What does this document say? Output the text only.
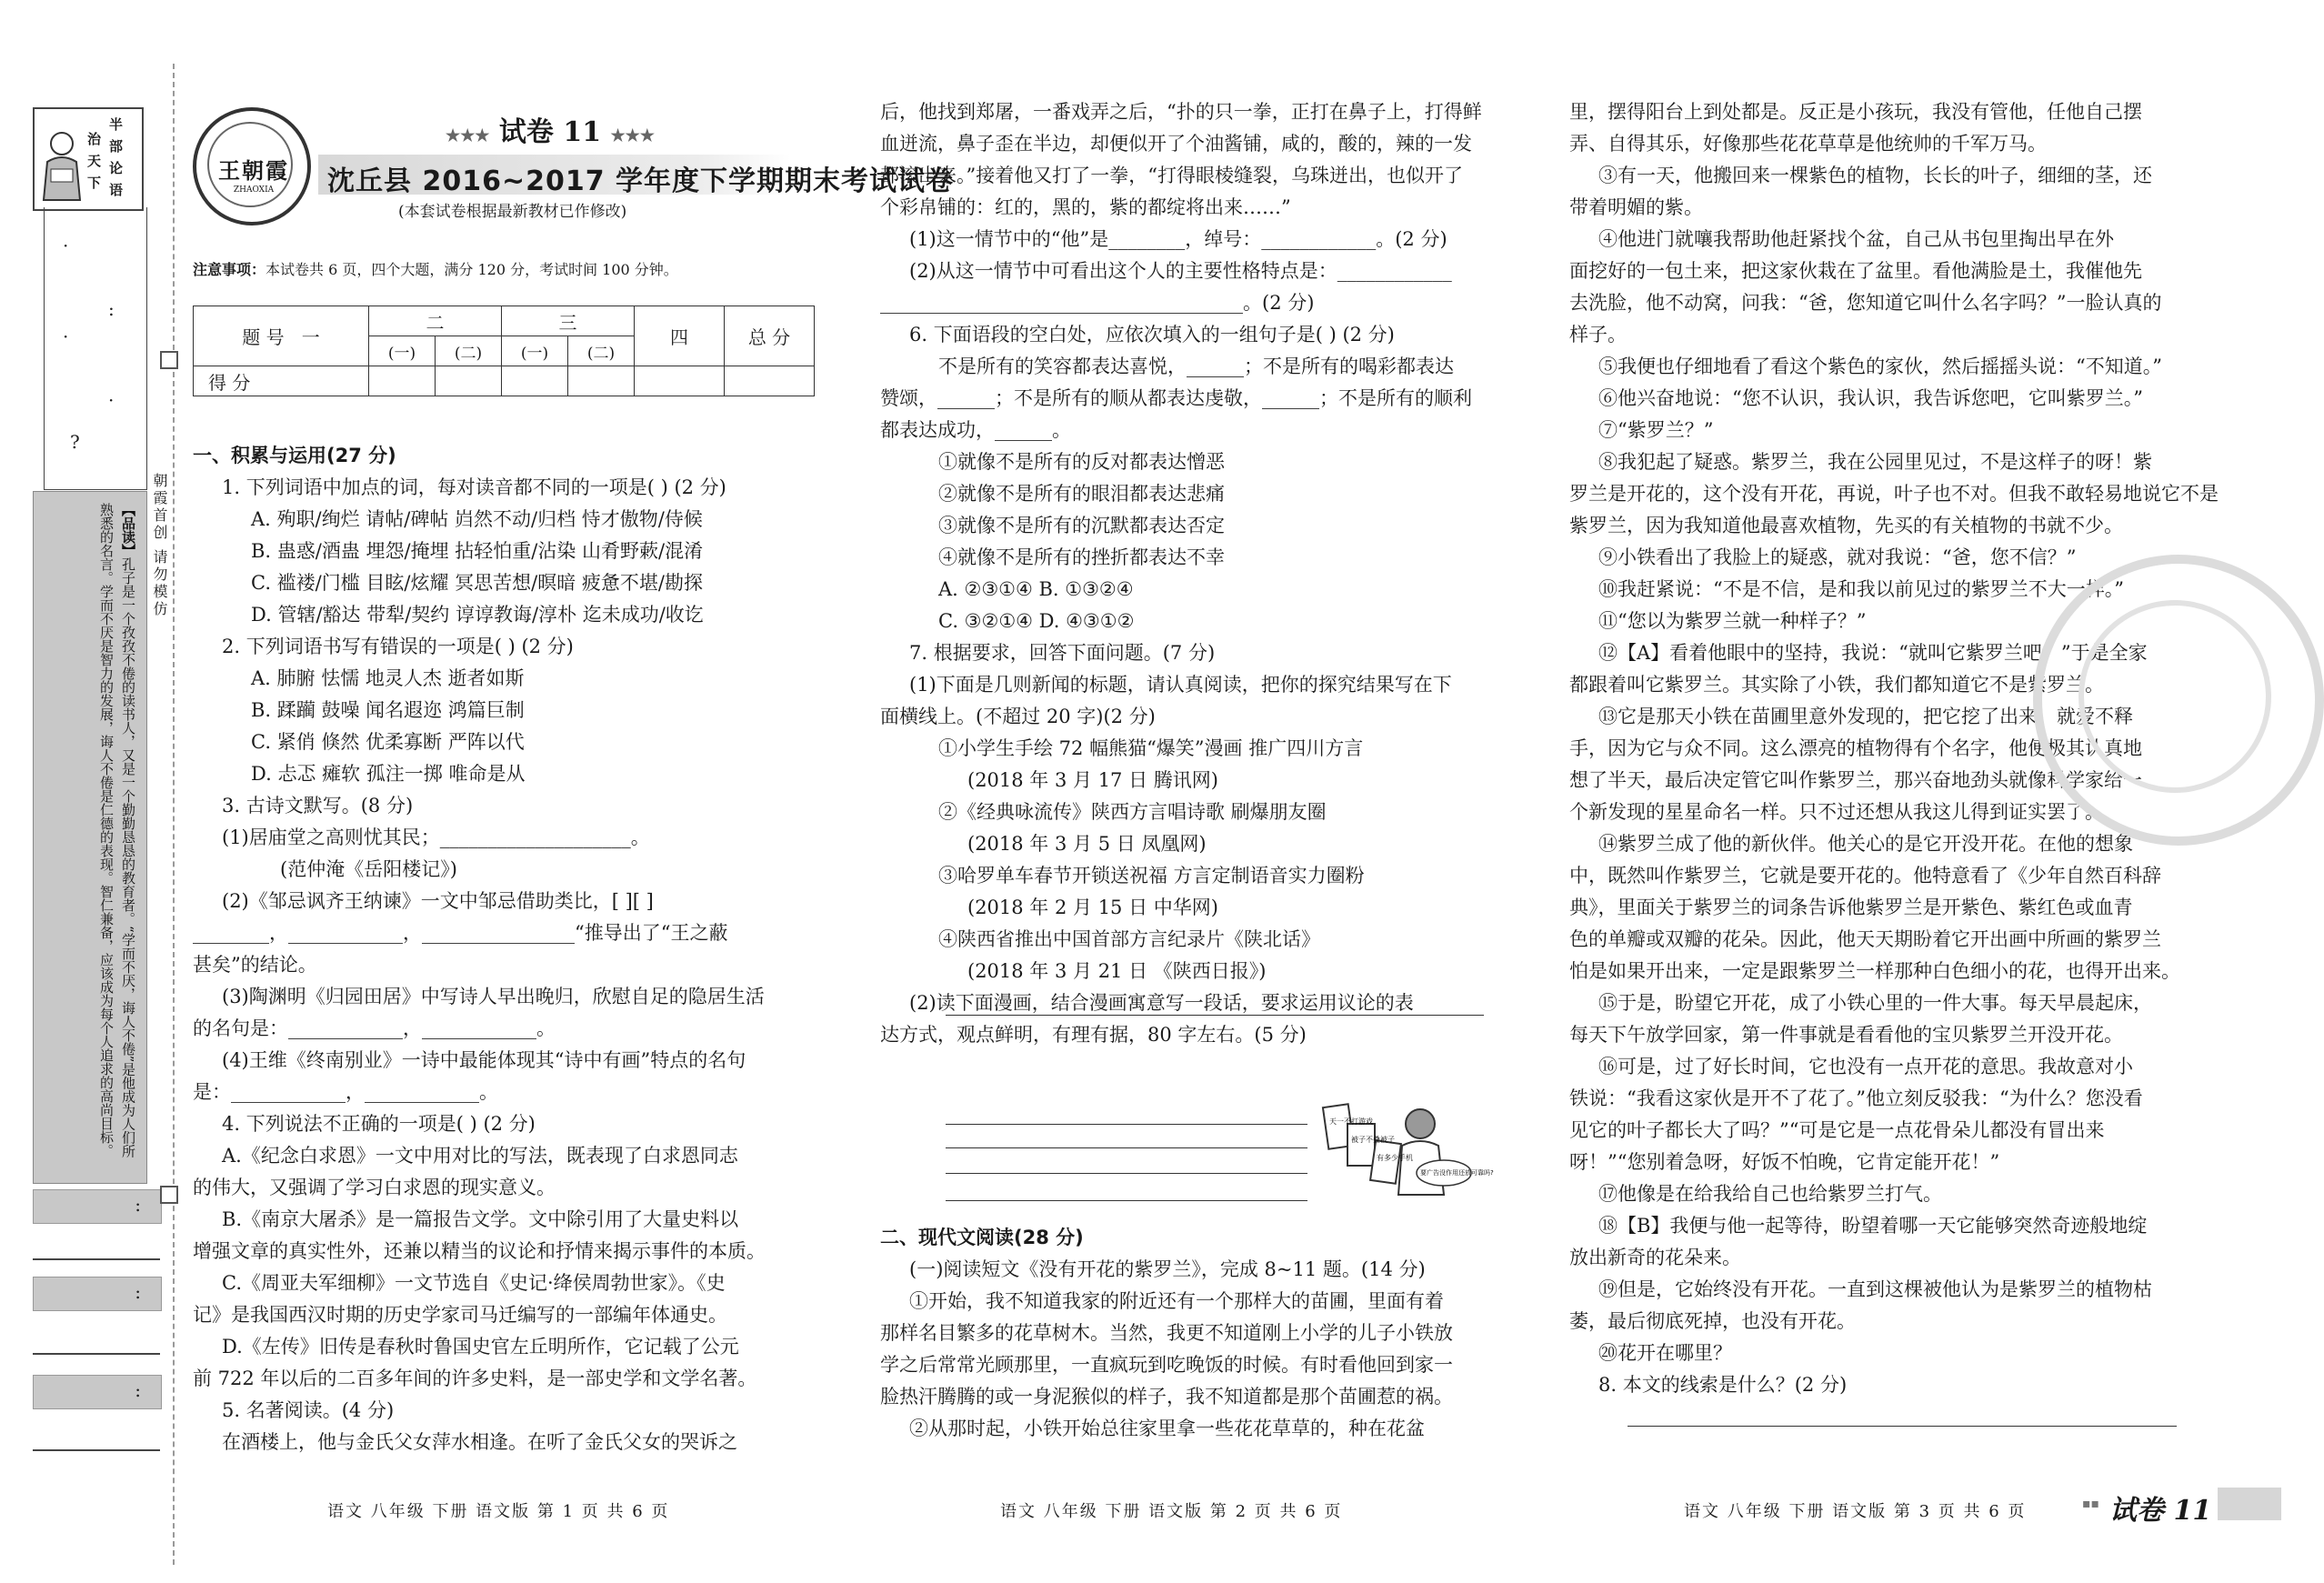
半
部
论
语
治
天
下
·
:
·
·
?
【品读】孔子是一个孜孜不倦的读书人，又是一个勤勤恳恳的教育者。“学而不厌，诲人不倦”是他成为人们所熟悉的名言。学而不厌是智力的发展，诲人不倦是仁德的表现。智仁兼备，应该成为每个人追求的高尚目标。	朝霞首创 请勿模仿
:
:
:
王朝霞
ZHAOXIA
★★★ 试卷 11 ★★★
沈丘县 2016~2017 学年度下学期期末考试试卷
(本套试卷根据最新教材已作修改)
注意事项：本试卷共 6 页，四个大题，满分 120 分，考试时间 100 分钟。
题 号 一	二		三		四	总 分
	(一)	(二)	(一)	(二)		
得 分						

一、积累与运用(27 分)

1. 下列词语中加点的词，每对读音都不同的一项是( ) (2 分)

A. 殉职/绚烂 请帖/碑帖 岿然不动/归档 恃才傲物/侍候

B. 蛊惑/酒蛊 埋怨/掩埋 拈轻怕重/沾染 山肴野蔌/混淆

C. 褴褛/门槛 目眩/炫耀 冥思苦想/暝暗 疲惫不堪/勘探

D. 管辖/豁达 带犁/契约 谆谆教诲/淳朴 迄未成功/收讫

2. 下列词语书写有错误的一项是( ) (2 分)

A. 肺腑 怯懦 地灵人杰 逝者如斯

B. 蹂躏 鼓噪 闻名遐迩 鸿篇巨制

C. 紧俏 倏然 优柔寡断 严阵以代

D. 忐忑 瘫软 孤注一掷 唯命是从

3. 古诗文默写。(8 分)

(1)居庙堂之高则忧其民；____________________。

(范仲淹《岳阳楼记》)

(2)《邹忌讽齐王纳谏》一文中邹忌借助类比，[ ][ ]

________，____________，________________“推导出了“王之蔽

甚矣”的结论。

(3)陶渊明《归园田居》中写诗人早出晚归，欣慰自足的隐居生活

的名句是：____________，____________。

(4)王维《终南别业》一诗中最能体现其“诗中有画”特点的名句

是：____________，____________。

4. 下列说法不正确的一项是( ) (2 分)

A.《纪念白求恩》一文中用对比的写法，既表现了白求恩同志

的伟大，又强调了学习白求恩的现实意义。

B.《南京大屠杀》是一篇报告文学。文中除引用了大量史料以

增强文章的真实性外，还兼以精当的议论和抒情来揭示事件的本质。

C.《周亚夫军细柳》一文节选自《史记·绛侯周勃世家》。《史

记》是我国西汉时期的历史学家司马迁编写的一部编年体通史。

D.《左传》旧传是春秋时鲁国史官左丘明所作，它记载了公元

前 722 年以后的二百多年间的许多史料，是一部史学和文学名著。

5. 名著阅读。(4 分)

在酒楼上，他与金氏父女萍水相逢。在听了金氏父女的哭诉之

后，他找到郑屠，一番戏弄之后，“扑的只一拳，正打在鼻子上，打得鲜

血迸流，鼻子歪在半边，却便似开了个油酱铺，咸的，酸的，辣的一发

都滚出来。”接着他又打了一拳，“打得眼棱缝裂，乌珠迸出，也似开了

个彩帛铺的：红的，黑的，紫的都绽将出来……”

(1)这一情节中的“他”是________，绰号：____________。(2 分)

(2)从这一情节中可看出这个人的主要性格特点是：____________

______________________________________。(2 分)

6. 下面语段的空白处，应依次填入的一组句子是( ) (2 分)

不是所有的笑容都表达喜悦，______；不是所有的喝彩都表达

赞颂，______；不是所有的顺从都表达虔敬，______；不是所有的顺利

都表达成功，______。

①就像不是所有的反对都表达憎恶

②就像不是所有的眼泪都表达悲痛

③就像不是所有的沉默都表达否定

④就像不是所有的挫折都表达不幸

A. ②③①④ B. ①③②④

C. ③②①④ D. ④③①②

7. 根据要求，回答下面问题。(7 分)

(1)下面是几则新闻的标题，请认真阅读，把你的探究结果写在下

面横线上。(不超过 20 字)(2 分)

①小学生手绘 72 幅熊猫“爆笑”漫画 推广四川方言

(2018 年 3 月 17 日 腾讯网)

②《经典咏流传》陕西方言唱诗歌 刷爆朋友圈

(2018 年 3 月 5 日 凤凰网)

③哈罗单车春节开锁送祝福 方言定制语音实力圈粉

(2018 年 2 月 15 日 中华网)

④陕西省推出中国首部方言纪录片《陕北话》

(2018 年 3 月 21 日 《陕西日报》)

(2)读下面漫画，结合漫画寓意写一段话，要求运用议论的表

达方式，观点鲜明，有理有据，80 字左右。(5 分)

天一不打游戏
被子不叠被子
有多少手机
要广告没作用还放可靠吗?

二、现代文阅读(28 分)

(一)阅读短文《没有开花的紫罗兰》，完成 8~11 题。(14 分)

①开始，我不知道我家的附近还有一个那样大的苗圃，里面有着

那样名目繁多的花草树木。当然，我更不知道刚上小学的儿子小铁放

学之后常常光顾那里，一直疯玩到吃晚饭的时候。有时看他回到家一

脸热汗腾腾的或一身泥猴似的样子，我不知道都是那个苗圃惹的祸。

②从那时起，小铁开始总往家里拿一些花花草草的，种在花盆

里，摆得阳台上到处都是。反正是小孩玩，我没有管他，任他自己摆

弄、自得其乐，好像那些花花草草是他统帅的千军万马。

③有一天，他搬回来一棵紫色的植物，长长的叶子，细细的茎，还

带着明媚的紫。

④他进门就嚷我帮助他赶紧找个盆，自己从书包里掏出早在外

面挖好的一包土来，把这家伙栽在了盆里。看他满脸是土，我催他先

去洗脸，他不动窝，问我：“爸，您知道它叫什么名字吗？”一脸认真的

样子。

⑤我便也仔细地看了看这个紫色的家伙，然后摇摇头说：“不知道。”

⑥他兴奋地说：“您不认识，我认识，我告诉您吧，它叫紫罗兰。”

⑦“紫罗兰？”

⑧我犯起了疑惑。紫罗兰，我在公园里见过，不是这样子的呀！紫

罗兰是开花的，这个没有开花，再说，叶子也不对。但我不敢轻易地说它不是

紫罗兰，因为我知道他最喜欢植物，先买的有关植物的书就不少。

⑨小铁看出了我脸上的疑惑，就对我说：“爸，您不信？”

⑩我赶紧说：“不是不信，是和我以前见过的紫罗兰不大一样。”

⑪“您以为紫罗兰就一种样子？”

⑫【A】看着他眼中的坚持，我说：“就叫它紫罗兰吧！”于是全家

都跟着叫它紫罗兰。其实除了小铁，我们都知道它不是紫罗兰。

⑬它是那天小铁在苗圃里意外发现的，把它挖了出来，就爱不释

手，因为它与众不同。这么漂亮的植物得有个名字，他便极其认真地

想了半天，最后决定管它叫作紫罗兰，那兴奋地劲头就像科学家给一

个新发现的星星命名一样。只不过还想从我这儿得到证实罢了。

⑭紫罗兰成了他的新伙伴。他关心的是它开没开花。在他的想象

中，既然叫作紫罗兰，它就是要开花的。他特意看了《少年自然百科辞

典》，里面关于紫罗兰的词条告诉他紫罗兰是开紫色、紫红色或血青

色的单瓣或双瓣的花朵。因此，他天天期盼着它开出画中所画的紫罗兰

怕是如果开出来，一定是跟紫罗兰一样那种白色细小的花，也得开出来。

⑮于是，盼望它开花，成了小铁心里的一件大事。每天早晨起床，

每天下午放学回家，第一件事就是看看他的宝贝紫罗兰开没开花。

⑯可是，过了好长时间，它也没有一点开花的意思。我故意对小

铁说：“我看这家伙是开不了花了。”他立刻反驳我：“为什么？您没看

见它的叶子都长大了吗？”“可是它是一点花骨朵儿都没有冒出来

呀！”“您别着急呀，好饭不怕晚，它肯定能开花！”

⑰他像是在给我给自己也给紫罗兰打气。

⑱【B】我便与他一起等待，盼望着哪一天它能够突然奇迹般地绽

放出新奇的花朵来。

⑲但是，它始终没有开花。一直到这棵被他认为是紫罗兰的植物枯

萎，最后彻底死掉，也没有开花。

⑳花开在哪里？

8. 本文的线索是什么？(2 分)

语文 八年级 下册 语文版 第 1 页 共 6 页	语文 八年级 下册 语文版 第 2 页 共 6 页	语文 八年级 下册 语文版 第 3 页 共 6 页	▪▪ 试卷 11
